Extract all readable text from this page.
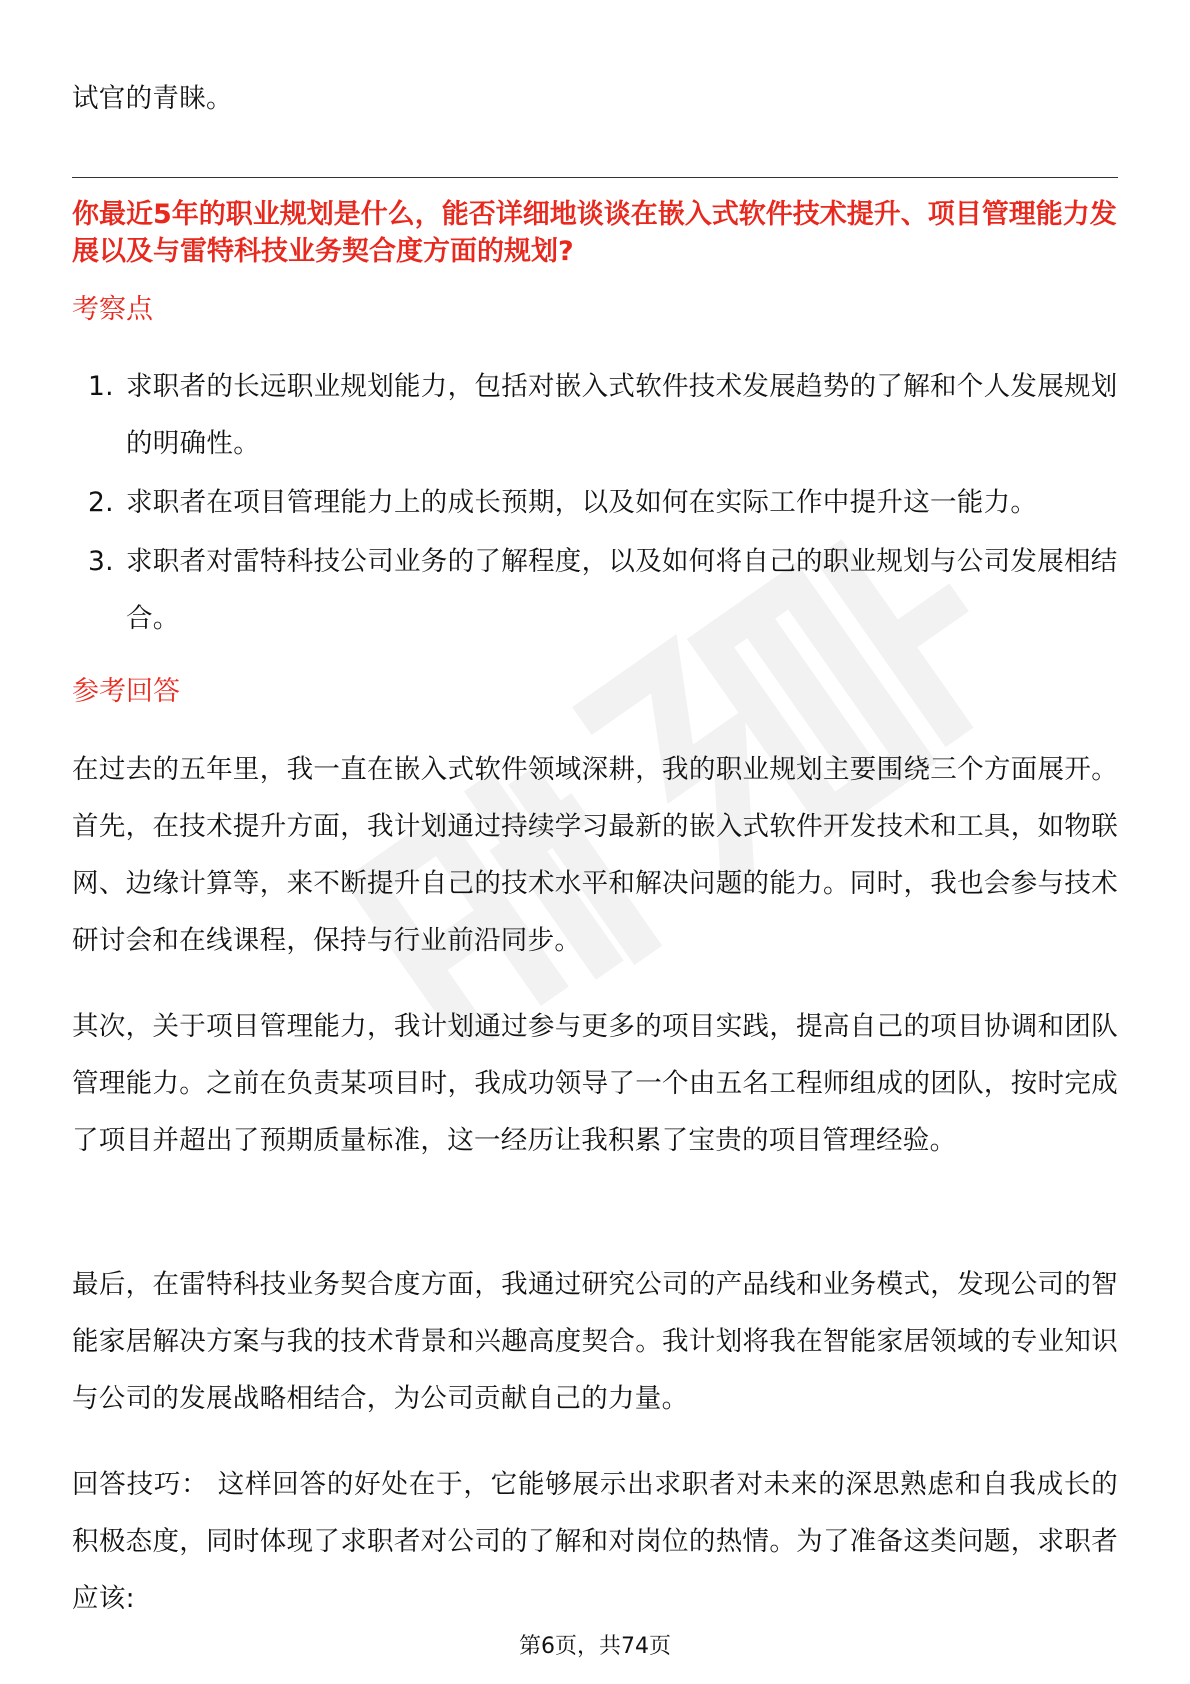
试官的青睐。

你最近5年的职业规划是什么，能否详细地谈谈在嵌入式软件技术提升、项目管理能力发展以及与雷特科技业务契合度方面的规划?
考察点
1. 求职者的长远职业规划能力，包括对嵌入式软件技术发展趋势的了解和个人发展规划的明确性。
2. 求职者在项目管理能力上的成长预期，以及如何在实际工作中提升这一能力。
3. 求职者对雷特科技公司业务的了解程度，以及如何将自己的职业规划与公司发展相结合。
参考回答

在过去的五年里，我一直在嵌入式软件领域深耕，我的职业规划主要围绕三个方面展开。首先，在技术提升方面，我计划通过持续学习最新的嵌入式软件开发技术和工具，如物联网、边缘计算等，来不断提升自己的技术水平和解决问题的能力。同时，我也会参与技术研讨会和在线课程，保持与行业前沿同步。

其次，关于项目管理能力，我计划通过参与更多的项目实践，提高自己的项目协调和团队管理能力。之前在负责某项目时，我成功领导了一个由五名工程师组成的团队，按时完成了项目并超出了预期质量标准，这一经历让我积累了宝贵的项目管理经验。

最后，在雷特科技业务契合度方面，我通过研究公司的产品线和业务模式，发现公司的智能家居解决方案与我的技术背景和兴趣高度契合。我计划将我在智能家居领域的专业知识与公司的发展战略相结合，为公司贡献自己的力量。

回答技巧： 这样回答的好处在于，它能够展示出求职者对未来的深思熟虑和自我成长的积极态度，同时体现了求职者对公司的了解和对岗位的热情。为了准备这类问题，求职者应该:

第6页，共74页
